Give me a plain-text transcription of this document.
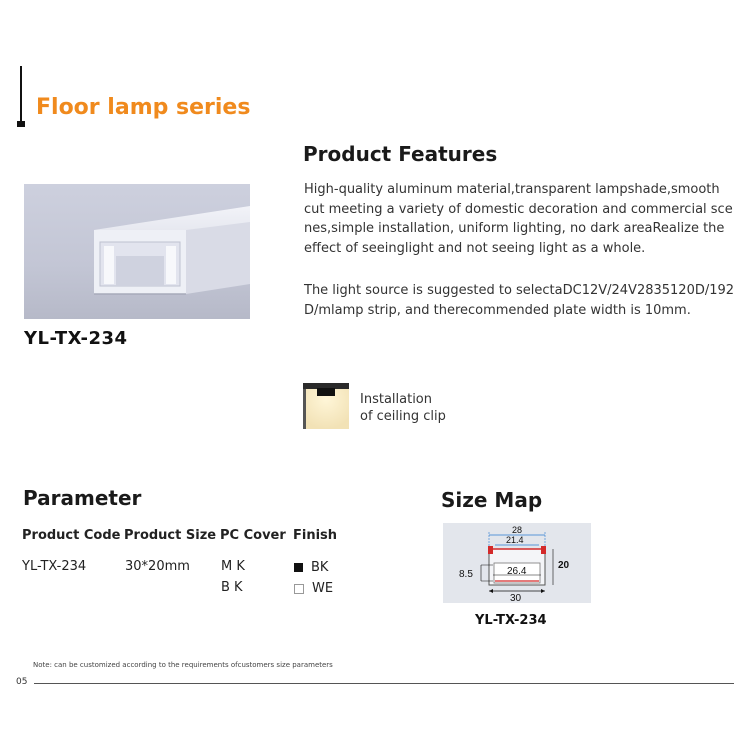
Floor lamp series
Product Features
High-quality aluminum material,transparent lampshade,smooth
cut meeting a variety of domestic decoration and commercial sce
nes,simple installation, uniform lighting, no dark areaRealize the
effect of seeinglight and not seeing light as a whole.
The light source is suggested to selectaDC12V/24V2835120D/192
D/mlamp strip, and therecommended plate width is 10mm.
YL-TX-234
Installation
of ceiling clip
Parameter
Product Code Product Size PC Cover Finish
YL-TX-234	30*20mm M K
B K
BK
WE
Size Map
28
21.4
26.4
8.5
20
30
YL-TX-234
Note: can be customized according to the requirements ofcustomers size parameters
05
